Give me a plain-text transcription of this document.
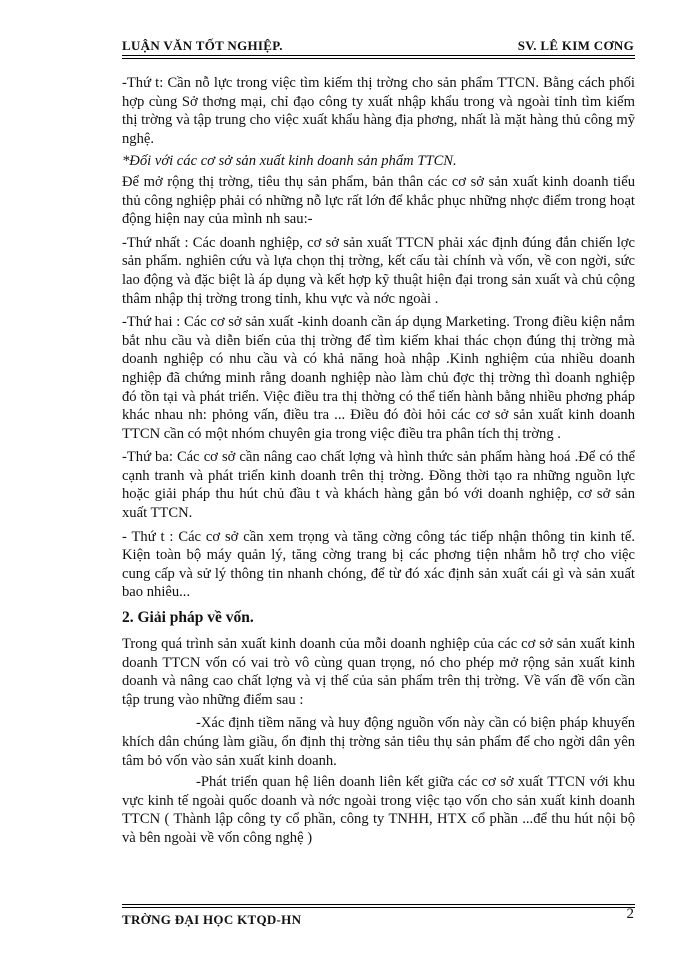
LUẬN VĂN TỐT NGHIỆP.	SV. LÊ KIM CƠNG

-Thứ t: Cần nỗ lực trong việc tìm kiếm thị trờng cho sản phẩm TTCN. Bằng cách phối hợp cùng Sở thơng mại, chỉ đạo công ty xuất nhập khẩu trong và ngoài tỉnh tìm kiếm thị trờng và tập trung cho việc xuất khẩu hàng địa phơng, nhất là mặt hàng thủ công mỹ nghệ.

*Đối với các cơ sở sản xuất kinh doanh sản phẩm TTCN.

Để mở rộng thị trờng, tiêu thụ sản phẩm, bản thân các cơ sở sản xuất kinh doanh tiểu thủ công nghiệp phải có những nỗ lực rất lớn để khắc phục những nhợc điểm trong hoạt động hiện nay của mình nh sau:-

-Thứ nhất : Các doanh nghiệp, cơ sở sản xuất TTCN phải xác định đúng đắn chiến lợc sản phẩm. nghiên cứu và lựa chọn thị trờng, kết cấu tài chính và vốn, về con ngời, sức lao động và đặc biệt là áp dụng và kết hợp kỹ thuật hiện đại trong sản xuất và chủ cộng thâm nhập thị trờng trong tỉnh, khu vực và nớc ngoài .

-Thứ hai : Các cơ sở sản xuất -kinh doanh cần áp dụng Marketing. Trong điều kiện nắm bắt nhu cầu và diễn biến của thị trờng để tìm kiếm khai thác chọn đúng thị trờng mà doanh nghiệp có nhu cầu và có khả năng hoà nhập .Kinh nghiệm của nhiều doanh nghiệp đã chứng minh rằng doanh nghiệp nào làm chủ đợc thị trờng thì doanh nghiệp đó tồn tại và phát triển. Việc điều tra thị thờng có thể tiến hành bằng nhiều phơng pháp khác nhau nh: phỏng vấn, điều tra ... Điều đó đòi hỏi các cơ sở sản xuất kinh doanh TTCN cần có một nhóm chuyên gia trong việc điều tra phân tích thị trờng .

-Thứ ba: Các cơ sở cần nâng cao chất lợng và hình thức sản phẩm hàng hoá .Để có thể cạnh tranh và phát triển kinh doanh trên thị trờng. Đồng thời tạo ra những nguồn lực hoặc giải pháp thu hút chủ đầu t và khách hàng gắn bó với doanh nghiệp, cơ sở sản xuất TTCN.

- Thứ t : Các cơ sở cần xem trọng và tăng cờng công tác tiếp nhận thông tin kinh tế. Kiện toàn bộ máy quản lý, tăng cờng trang bị các phơng tiện nhằm hỗ trợ cho việc cung cấp và sử lý thông tin nhanh chóng, để từ đó xác định sản xuất cái gì và sản xuất bao nhiêu...

2. Giải pháp về vốn.

Trong quá trình sản xuất kinh doanh của mỗi doanh nghiệp của các cơ sở sản xuất kinh doanh TTCN vốn có vai trò vô cùng quan trọng, nó cho phép mở rộng sản xuất kinh doanh và nâng cao chất lợng và vị thế của sản phẩm trên thị trờng. Về vấn đề vốn cần tập trung vào những điểm sau :

-Xác định tiềm năng và huy động nguồn vốn này cần có biện pháp khuyến khích dân chúng làm giầu, ổn định thị trờng sản tiêu thụ sản phẩm để cho ngời dân yên tâm bỏ vốn vào sản xuất kinh doanh.

-Phát triển quan hệ liên doanh liên kết giữa các cơ sở xuất TTCN với khu vực kinh tế ngoài quốc doanh và nớc ngoài trong việc tạo vốn cho sản xuất kinh doanh TTCN ( Thành lập công ty cổ phần, công ty TNHH, HTX cổ phần ...để thu hút nội bộ và bên ngoài về vốn công nghệ )

TRỜNG ĐẠI HỌC KTQD-HN	2
